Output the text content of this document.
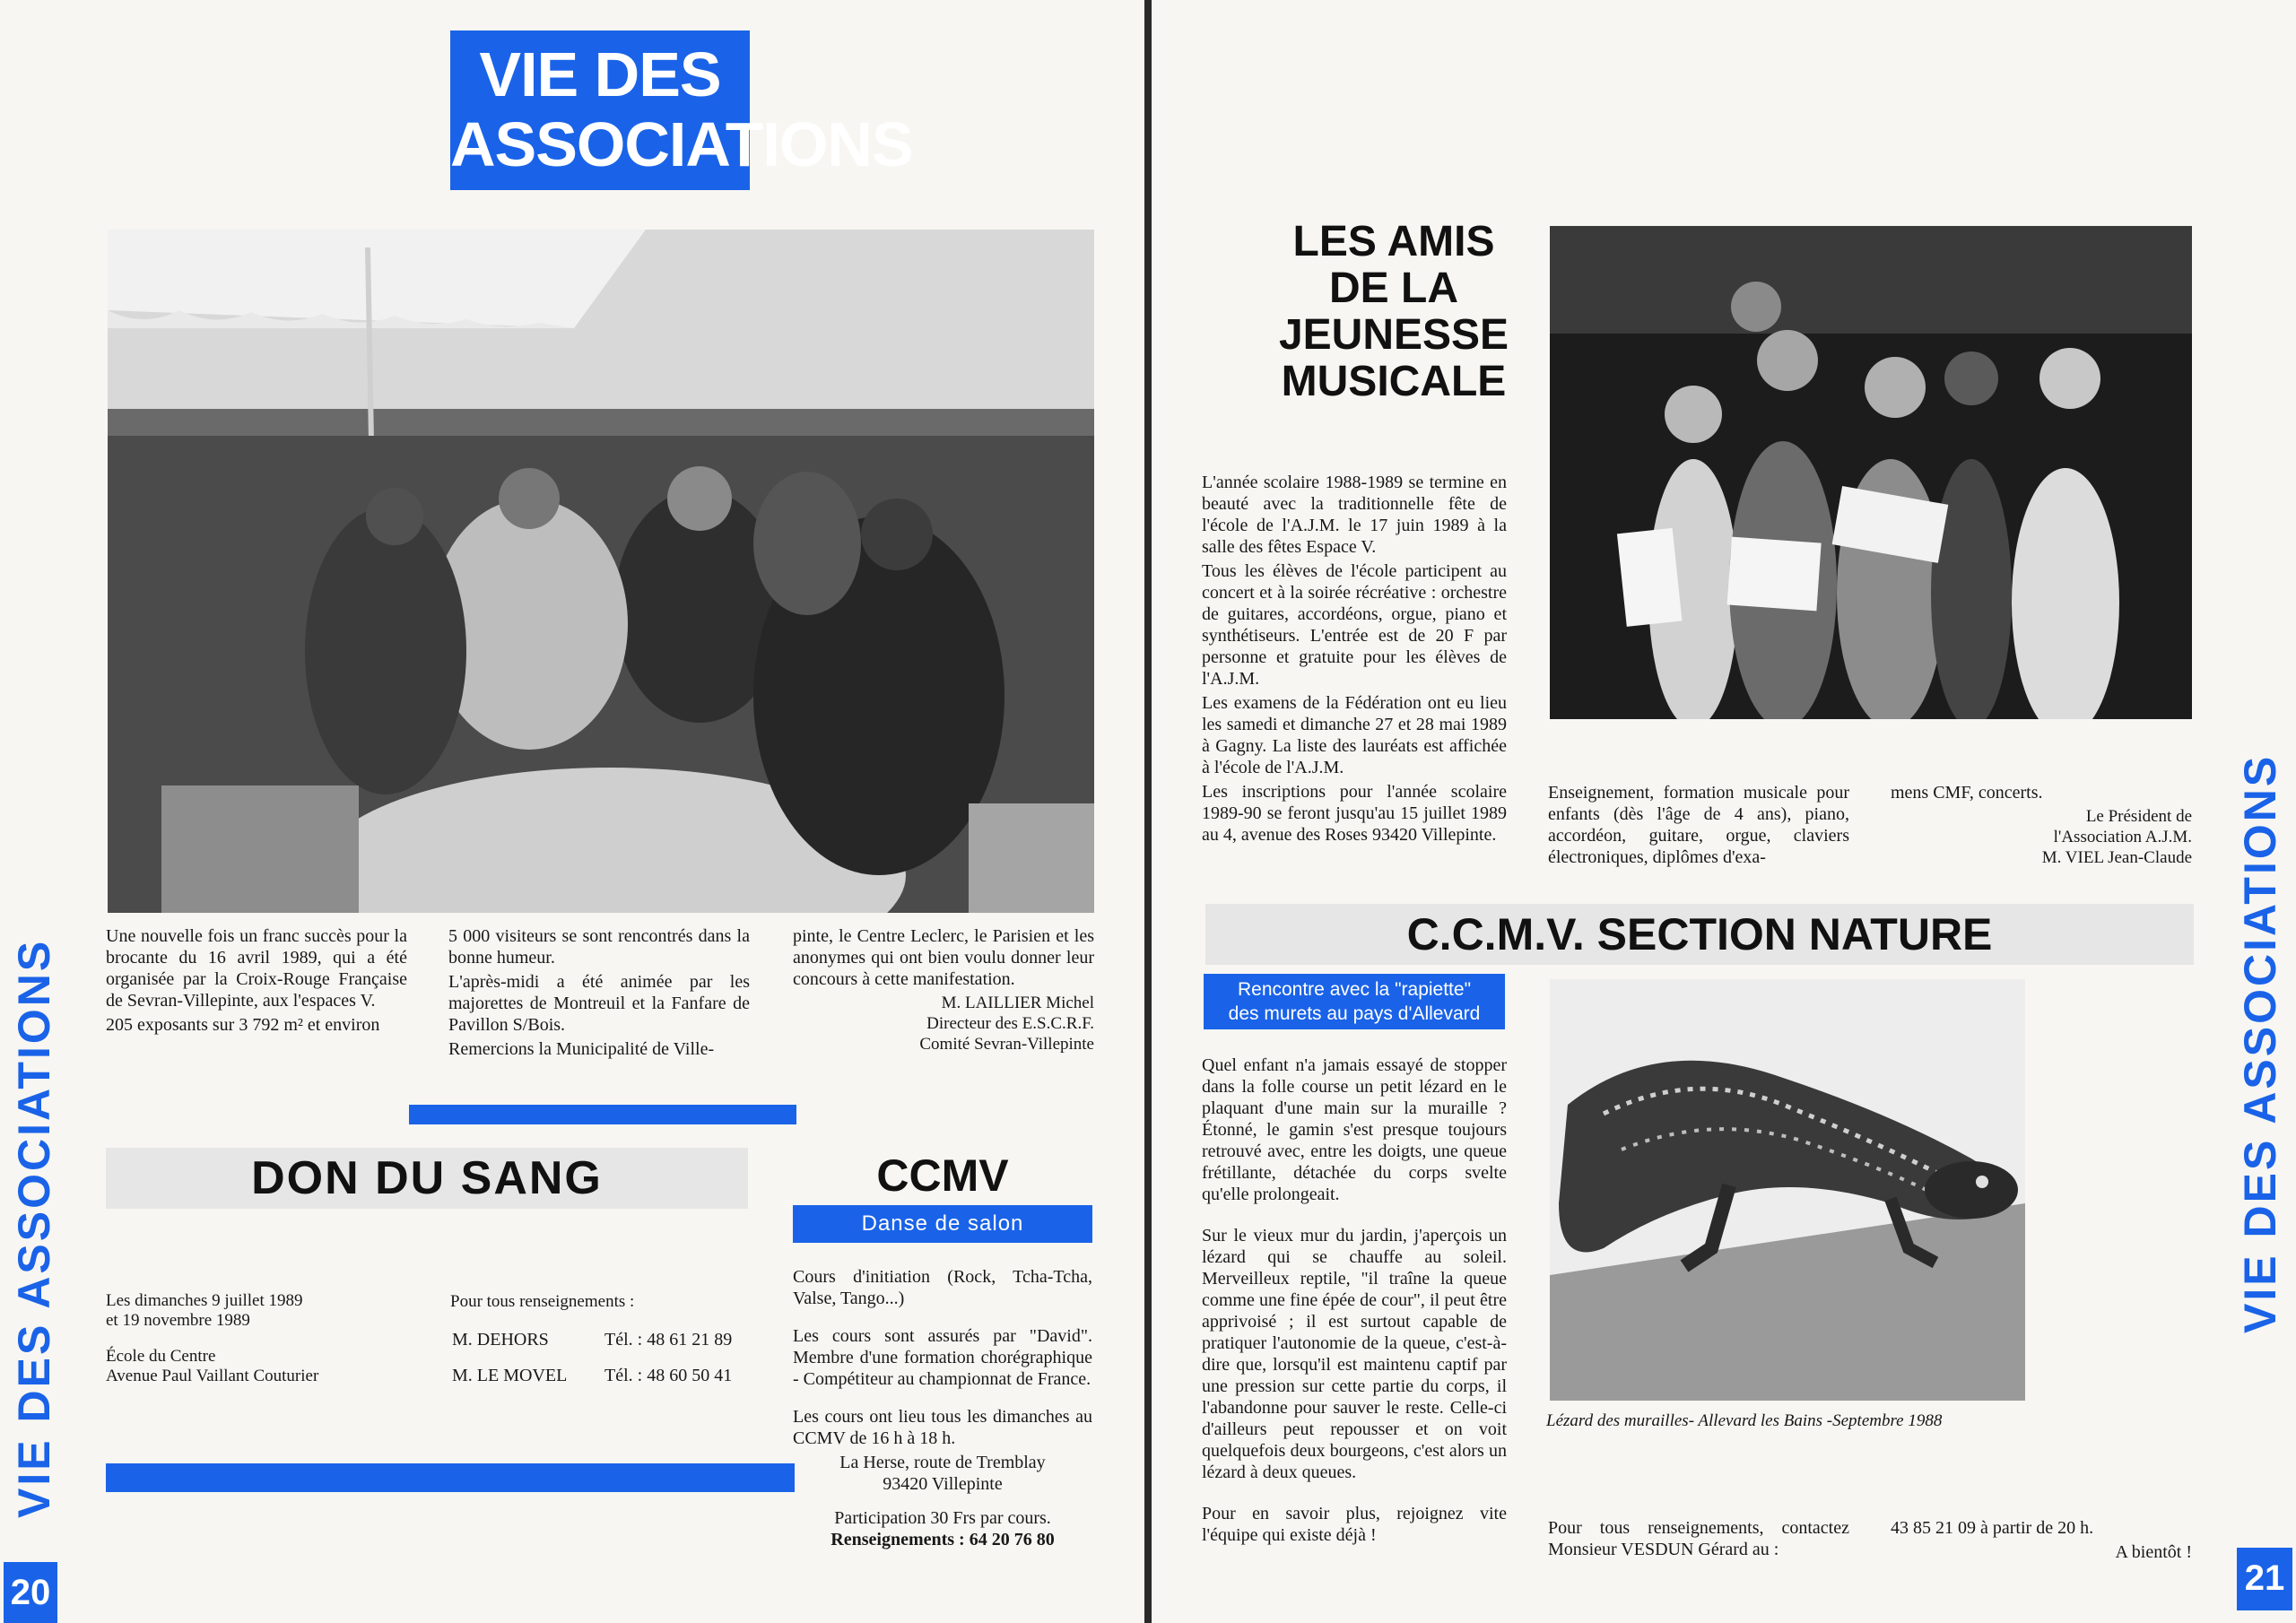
VIE DES
ASSOCIATIONS

Une nouvelle fois un franc succès pour la brocante du 16 avril 1989, qui a été organisée par la Croix-Rouge Française de Sevran-Villepinte, aux l'espaces V.

205 exposants sur 3 792 m² et environ

5 000 visiteurs se sont rencontrés dans la bonne humeur.

L'après-midi a été animée par les majorettes de Montreuil et la Fanfare de Pavillon S/Bois.

Remercions la Municipalité de Ville-

pinte, le Centre Leclerc, le Parisien et les anonymes qui ont bien voulu donner leur concours à cette manifestation.

M. LAILLIER Michel
Directeur des E.S.C.R.F.
Comité Sevran-Villepinte
DON DU SANG
Les dimanches 9 juillet 1989
et 19 novembre 1989
École du Centre
Avenue Paul Vaillant Couturier
Pour tous renseignements :
M. DEHORS	Tél. : 48 61 21 89
M. LE MOVEL	Tél. : 48 60 50 41
CCMV
Danse de salon

Cours d'initiation (Rock, Tcha-Tcha, Valse, Tango...)

Les cours sont assurés par "David". Membre d'une formation chorégraphique - Compétiteur au championnat de France.

Les cours ont lieu tous les dimanches au CCMV de 16 h à 18 h.

La Herse, route de Tremblay
93420 Villepinte
Participation 30 Frs par cours.
Renseignements : 64 20 76 80
VIE DES ASSOCIATIONS
20
LES AMIS
DE LA
JEUNESSE
MUSICALE

L'année scolaire 1988-1989 se termine en beauté avec la traditionnelle fête de l'école de l'A.J.M. le 17 juin 1989 à la salle des fêtes Espace V.

Tous les élèves de l'école participent au concert et à la soirée récréative : orchestre de guitares, accordéons, orgue, piano et synthétiseurs. L'entrée est de 20 F par personne et gratuite pour les élèves de l'A.J.M.

Les examens de la Fédération ont eu lieu les samedi et dimanche 27 et 28 mai 1989 à Gagny. La liste des lauréats est affichée à l'école de l'A.J.M.

Les inscriptions pour l'année scolaire 1989-90 se feront jusqu'au 15 juillet 1989 au 4, avenue des Roses 93420 Villepinte.

Enseignement, formation musicale pour enfants (dès l'âge de 4 ans), piano, accordéon, guitare, orgue, claviers électroniques, diplômes d'exa-

mens CMF, concerts.

Le Président de
l'Association A.J.M.
M. VIEL Jean-Claude
C.C.M.V. SECTION NATURE
Rencontre avec la "rapiette"
des murets au pays d'Allevard
Lézard des murailles- Allevard les Bains -Septembre 1988

Quel enfant n'a jamais essayé de stopper dans la folle course un petit lézard en le plaquant d'une main sur la muraille ? Étonné, le gamin s'est presque toujours retrouvé avec, entre les doigts, une queue frétillante, détachée du corps svelte qu'elle prolongeait.

Sur le vieux mur du jardin, j'aperçois un lézard qui se chauffe au soleil. Merveilleux reptile, "il traîne la queue comme une fine épée de cour", il peut être apprivoisé ; il est surtout capable de pratiquer l'autonomie de la queue, c'est-à-dire que, lorsqu'il est maintenu captif par une pression sur cette partie du corps, il l'abandonne pour sauver le reste. Celle-ci d'ailleurs peut repousser et on voit quelquefois deux bourgeons, c'est alors un lézard à deux queues.

Pour en savoir plus, rejoignez vite l'équipe qui existe déjà !	Pour tous renseignements, contactez Monsieur VESDUN Gérard au :

43 85 21 09 à partir de 20 h.

A bientôt !
VIE DES ASSOCIATIONS
21
